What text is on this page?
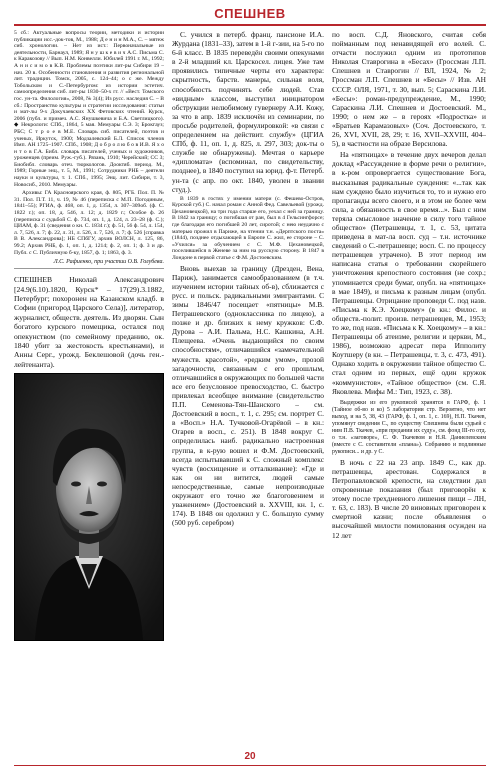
СПЕШНЕВ

5 сб.: Актуальные вопросы теории, методики и истории публикации исс.-док-тов, М., 1988; Д е н и н М.А., С. – мятеж сиб. хронологии. – Нет из ист.: Первоначальные из деятельности, Барнаул, 1989; Я н у ш к е в и ч А.С. Письма С. к Каракозову // Вып. Н.М. Конвелли. Юбилей 1991 г. М., 1992; А н и с и м о в К.В. Проблемы поэтики лит-ры Сибири 19 – нач. 20 в. Особенности становления и развития региональной лит. традиции. Томск, 2005, с. 124–44; о с же. Между Тобольском и С.-Петербургом: из истории эстетич. самоопределения сиб. лит-ры 1830–50-х гг. // «Вест. Томского гос. ун-та. Филология», 2008, № 3(4); Из русс. наследия С. – В сб.: Пространство культуры и стратегии исследования: статьи и мат-лы 9-х Докучаевских XX Фетовских чтений. Курск, 2006 (публ. и примеч. А.С. Янушкевича и Б.А. Светлицкого). ◆ Некрологи: СПб., 1864, 5 мая. Мемуары С.Э. 3; Брокгауз; РБС; С т р о е в М.Е. Словарь сиб. писателей, поэтов и ученых, Иркутск, 1900; Модзалевский Б.Л. Список членов Имп. АН 1725–1907. СПб., 1908; Д о б р о л ю б о в И.В. Я х о н т о в Г.А. Библ. словарь писателей, ученых и художников, уроженцев (преим. Руж.-губ.). Рязань, 1910; Черейский; СС 3; Биобибл. словарь отеч. тюркологов. Дооктяб. период. М., 1989; Горные энц., т. 5, М., 1991; Сотрудники РНБ – деятели науки и культуры, т. 1. СПб., 1995; Энц. лит. Сибири, т. 3, Новосиб., 2010. Мемуары.

Архивы: ГА Красноярского края, ф. 805, РГБ. Пол. П. № 31. Пол. П.Т. 11, ч. 19, № 46 (переписка с М.П. Погодиным, 1841–55); РГИА, ф. 468, оп. 1, д. 1354, л. 307–309об. (ф. С. 1822 г.); оп. 18, д. 546, л. 12; д. 1829 г.; Особое ф. 26 (переписка с судьбой С. ф. 734, оп. 1, д. 124, л. 23–28 (ф. С.); ЦИАМ, ф. 31 (сведения о кн. С. 1834 г.); ф. 51, 56 ф. 54, л. 154, л. 7, 526, л. 7; ф. 22, л. 31, л. 526, л. 7, 526, л. 7; ф. 526 [справка В В. Александрова]; НБ СПбГУ, архив ВОЛСН, л. 125, 86, 99.2; Архив РНБ, ф. 1, оп. 1, д. 1214; ф. 2, оп. 1; ф. 3 и др. Публ. с С. Публичную б-ку, 1857, ф. 1; 1863, ф. 3.

Л.С. Рафиенко, при участии О.В. Голубева.

СПЕШНЕВ Николай Александрович [24.9(6.10).1820, Курск* – 17(29).3.1882, Петербург; похоронен на Казанском кладб. в Софии (пригород Царского Села)], литератор, журналист, обществ. деятель. Из дворян. Сын богатого курского помещика, остался под опекунством (по семейному преданию, ок. 1840 убит за жестокость крестьянами), и Анны Серг., урожд. Беклешовой (дочь ген.-лейтенанта).

С. учился в петерб. франц. пансионе И.А. Журдана (1831–33), затем в 1-й г-зии, на 5-го по 6-й класс. В 1835 переведён своими опекунами в 2-й младший кл. Царскосел. лицея. Уже там проявились типичные черты его характера: скрытность, барств. манеры, сильная воля, способность подчинять себе людей. Став «видным» классом, выступил инициатором обструкции нелюбимому гувернеру А.И. Кожу, за что в апр. 1839 исключён из семинарии, по просьбе родителей, формулировкой: «в связи с определением на действит. службу» (ЦГИА СПб, ф. 11, оп. 1, д. 825, л. 297, 303; док-ты о службе не обнаружены). Мечтая о карьере «дипломата» (вспоминал, по свидетельству, позднее), в 1840 поступил на юрид. ф-т. Петерб. ун-та (с апр. по окт. 1840, уволен в звании студ.).

В 1839 в гостях у имении матери (с. Фешево-Остров, Курской губ.) С. начал роман с Анной Фед. Савельевой (урожд. Цехановецкой), на три года старше его, уехал с ней за границу. В 1842 за границу; о погибшая от ран, был в 4 Гельсингфорсе; где благодаря его погибшей 20 лет, сиротой; с нею неудачно с матерью прожил в Париже, на чтении т.н. «Дерптского поста» (1844), позднее отдыхающей в Европе С. жил, ее стороне – С. «Учился» за обучением с С. М.Ф. Цехановецкой, поселившейся в Женеве за ним на русскую сторону. В 1847 в Лондоне в первой статье с Ф.М. Достоевским.

Вновь выехав за границу (Дрезден, Вена, Париж), занимается самообразованием (в т.ч. изучением истории тайных об-в), сближается с русс. и польск. радикальными эмигрантами. С зимы 1846/47 посещает «пятницы» М.В. Петрашевского (одноклассника по лицею), а позже и др. близких к нему кружков: С.Ф. Дурова – А.И. Пальма, Н.С. Кашкина, А.Н. Плещеева. «Очень выдающийся по своим способностям», отличавшийся «замечательной мужеств. красотой», «редким умом», прозой загадочности, связанным с его прошлым, отличавшийся в окружающих по большей части все его безусловное превосходство, С. быстро привлекал всеобщее внимание (свидетельство П.П. Семенова-Тян-Шанского – см. Достоевский в восп., т. 1, с. 295; см. портрет С. в «Восп.» Н.А. Тучковой-Огарёвой – в кн.: Огарев в восп., с. 251). В 1848 вокруг С. определилась наиб. радикально настроенная группа, в к-рую вошел и Ф.М. Достоевский, всегда испытывавший к С. сложный комплекс чувств (восхищение и отталкивание): «Где и как он ни витится, людей самые непосредственные, самые непроизводные окружают его точно же благоговением и уважением» (Достоевский в. XXVIII, кн. 1, с. 174). В 1848 он одолжил у С. большую сумму (500 руб. серебром)

по восп. С.Д. Яновского, считая себя пойманным под ненавидящей его волей. С. отчасти послужил одним из прототипов Николая Ставрогина в «Бесах» (Гроссман Л.П. Спешнев и Ставрогин // ВЛ, 1924, № 2; Гроссман Л.П. Спешнев и «Бесы» // Изв. АН СССР. ОЛЯ, 1971, т. 30, вып. 5; Сараскина Л.И. «Бесы»: роман-предупреждение, М., 1990; Сараскина Л.И. Спешнев и Достоевский. М., 1990; о нем же – в героях «Подростка» и «Братьев Карамазовых» (Соч. Достоевского, т. 26, XVI, XVII, 28, 29; т. 16, XVII–XXVIII, 404–5), в частности на образе Версилова.

На «пятницах» в течение двух вечеров делал доклад «Рассуждение в форме речи о религии», в к-ром опровергается существование Бога, высказывая радикальные суждения: «...так как нам суждено было изучиться то, то и нужно его пропаганды всего своего, и в этом не более чем сила, а обязанность в свое время...». Был с ним теряла смысловое значение в силу того тайное общество» (Петрашевцы, т. 1, с. 53, цитата приведена в мат-ла восп. суд – т.н. источнике сведений о С.-петрашевце; восп. С. по процессу петрашевцев утрачено). В этот период им написана статья о требовании скорейшего уничтожения крепостного состояния (не сохр.; упоминается среди бумаг, опубл. на «пятницах» в мае 1849), и письма к разным лицам (опубл. Петрашевцы. Отрицание проповеди С. под назв. «Письма к К.Э. Хоецкому» (в кн.: Филос. и обществ.-полит. произв. петрашевцев, М., 1953; то же, под назв. «Письма к К. Хоецкому» – в кн.: Петрашевцы об атеизме, религии и церкви, М., 1986), возможно адресат пера Ипполиту Коутшеру (в кн. – Петрашевцы, т. 3, с. 473, 491). Однако ходить в окружении тайное общество С. стал одним из первых, ещё один кружок «коммунистов», «Тайное общество» (см. С.Я. Яковлева. Мифы М.: Тип, 1923, с. 38).

Выдержки из его рукописей хранятся в ГАРФ, ф. 1 (Тайное об-во и ко) 5 лаборатории стр. Вероятно, что нет выход, и на 5, 38, 43 (ГАРФ, ф. 1, оп. 1, с. 169), Н.П. Ткачев, упомянут сведения С., по существу Спешнева были судьей с ним П.В. Ткачев, «при предании их суду», см. фонд III-го отд. о т.н. «заговоре», С. Ф. Ткачевом и Н.Я. Даниелевским (вместе с С. составители «плана»). Собранию и подлинные рукописи... и др. у С.

В ночь с 22 на 23 апр. 1849 С., как др. петрашевцы, арестован. Содержался в Петропавловской крепости, на следствии дал откровенные показания (был приговорён к этому после трехдневного лишения пищи – ЛН, т. 63, с. 183). В числе 20 виновных приговорен к смертной казни; после объявления о высочайшей милости помилования осужден на 12 лет

20
